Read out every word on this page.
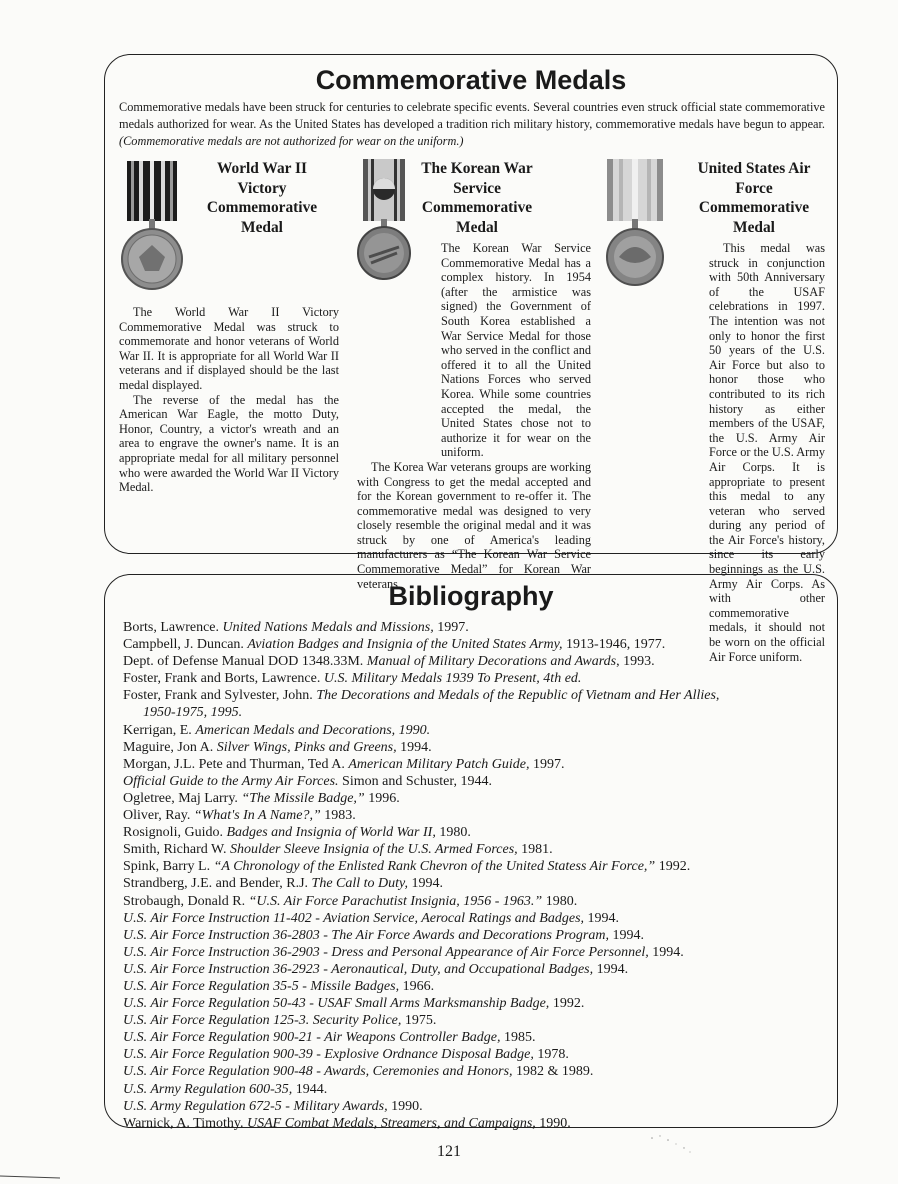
Commemorative Medals
Commemorative medals have been struck for centuries to celebrate specific events. Several countries even struck official state commemorative medals authorized for wear. As the United States has developed a tradition rich military history, commemorative medals have begun to appear. (Commemorative medals are not authorized for wear on the uniform.)
World War II Victory Commemorative Medal

The World War II Victory Commemorative Medal was struck to commemorate and honor veterans of World War II. It is appropriate for all World War II veterans and if displayed should be the last medal displayed.

The reverse of the medal has the American War Eagle, the motto Duty, Honor, Country, a victor's wreath and an area to engrave the owner's name. It is an appropriate medal for all military personnel who were awarded the World War II Victory Medal.

The Korean War Service Commemorative Medal

The Korean War Service Commemorative Medal has a complex history. In 1954 (after the armistice was signed) the Government of South Korea established a War Service Medal for those who served in the conflict and offered it to all the United Nations Forces who served Korea. While some countries accepted the medal, the United States chose not to authorize it for wear on the uniform.

The Korea War veterans groups are working with Congress to get the medal accepted and for the Korean government to re-offer it. The commemorative medal was designed to very closely resemble the original medal and it was struck by one of America's leading manufacturers as “The Korean War Service Commemorative Medal” for Korean War veterans.

United States Air Force Commemorative Medal

This medal was struck in conjunction with 50th Anniversary of the USAF celebrations in 1997. The intention was not only to honor the first 50 years of the U.S. Air Force but also to honor those who contributed to its rich history as either members of the USAF, the U.S. Army Air Force or the U.S. Army Air Corps. It is appropriate to present this medal to any veteran who served during any period of the Air Force's history, since its early beginnings as the U.S. Army Air Corps. As with other commemorative medals, it should not be worn on the official Air Force uniform.

Bibliography
Borts, Lawrence. United Nations Medals and Missions, 1997.
Campbell, J. Duncan. Aviation Badges and Insignia of the United States Army, 1913-1946, 1977.
Dept. of Defense Manual DOD 1348.33M. Manual of Military Decorations and Awards, 1993.
Foster, Frank and Borts, Lawrence. U.S. Military Medals 1939 To Present, 4th ed.
Foster, Frank and Sylvester, John. The Decorations and Medals of the Republic of Vietnam and Her Allies,
1950-1975, 1995.
Kerrigan, E. American Medals and Decorations, 1990.
Maguire, Jon A. Silver Wings, Pinks and Greens, 1994.
Morgan, J.L. Pete and Thurman, Ted A. American Military Patch Guide, 1997.
Official Guide to the Army Air Forces. Simon and Schuster, 1944.
Ogletree, Maj Larry. “The Missile Badge,” 1996.
Oliver, Ray. “What's In A Name?,” 1983.
Rosignoli, Guido. Badges and Insignia of World War II, 1980.
Smith, Richard W. Shoulder Sleeve Insignia of the U.S. Armed Forces, 1981.
Spink, Barry L. “A Chronology of the Enlisted Rank Chevron of the United Statess Air Force,” 1992.
Strandberg, J.E. and Bender, R.J. The Call to Duty, 1994.
Strobaugh, Donald R. “U.S. Air Force Parachutist Insignia, 1956 - 1963.” 1980.
U.S. Air Force Instruction 11-402 - Aviation Service, Aerocal Ratings and Badges, 1994.
U.S. Air Force Instruction 36-2803 - The Air Force Awards and Decorations Program, 1994.
U.S. Air Force Instruction 36-2903 - Dress and Personal Appearance of Air Force Personnel, 1994.
U.S. Air Force Instruction 36-2923 - Aeronautical, Duty, and Occupational Badges, 1994.
U.S. Air Force Regulation 35-5 - Missile Badges, 1966.
U.S. Air Force Regulation 50-43 - USAF Small Arms Marksmanship Badge, 1992.
U.S. Air Force Regulation 125-3. Security Police, 1975.
U.S. Air Force Regulation 900-21 - Air Weapons Controller Badge, 1985.
U.S. Air Force Regulation 900-39 - Explosive Ordnance Disposal Badge, 1978.
U.S. Air Force Regulation 900-48 - Awards, Ceremonies and Honors, 1982 & 1989.
U.S. Army Regulation 600-35, 1944.
U.S. Army Regulation 672-5 - Military Awards, 1990.
Warnick, A. Timothy. USAF Combat Medals, Streamers, and Campaigns, 1990.
121
